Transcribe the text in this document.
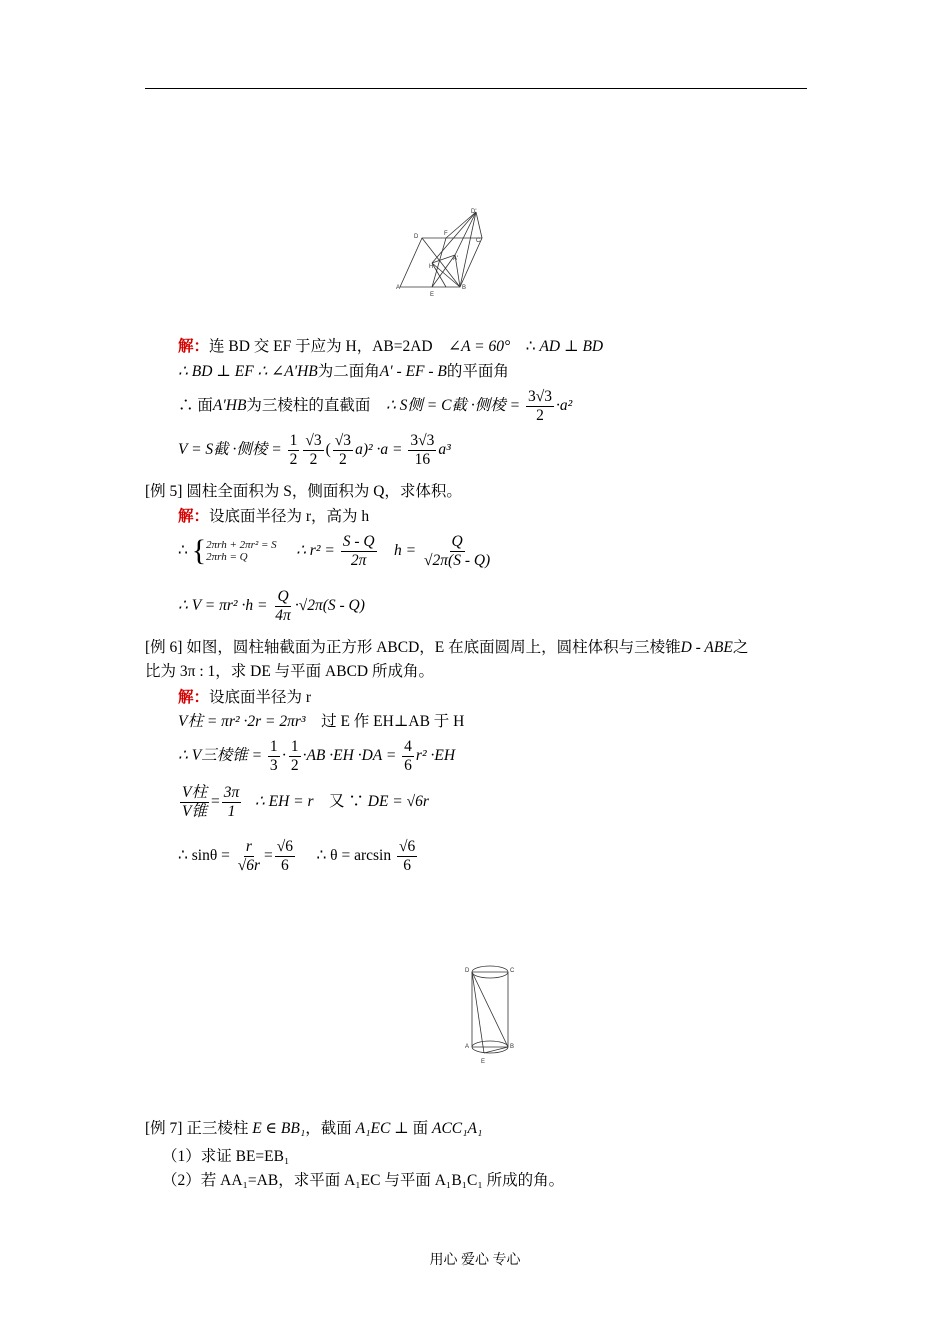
D'
D	F
C
H
A'
A
E
B
解：连 BD 交 EF 于应为 H，AB=2AD ∠A = 60° ∴ AD ⊥ BD
∴ BD ⊥ EF ∴ ∠A′HB为二面角A′ - EF - B的平面角
∴ 面A′HB为三棱柱的直截面 ∴ S侧 = C截 ·侧棱 = $\frac{3√3}{2} \cdot a^2$
V = S截 ·侧棱 = $\frac{1}{2} \frac{√3}{2}$ ( $\frac{√3}{2} a)^2 \cdot a = \frac{3√3}{16} a^3$
[例 5] 圆柱全面积为 S，侧面积为 Q，求体积。
解：设底面半径为 r，高为 h
∴ { 2πrh + 2πr² = S
2πrh = Q	∴ $r^2 = \frac{S - Q}{2\pi}$ $h = \frac{Q}{√2\pi(S - Q)}$
∴ $V = \pi r^2 \cdot h = \frac{Q}{4\pi} \cdot√2\pi(S - Q)$
[例 6] 如图，圆柱轴截面为正方形 ABCD，E 在底面圆周上，圆柱体积与三棱锥D - ABE之
比为 3π : 1，求 DE 与平面 ABCD 所成角。
解：设底面半径为 r
V柱 = πr² ·2r = 2πr³ 过 E 作 EH⊥AB 于 H
∴ V三棱锥 = $\frac{1}{3} \cdot \frac{1}{2} \cdot AB \cdot EH \cdot DA = \frac{4}{6} r^2 \cdot EH$
$\frac{\text{V柱}}{\text{V锥}} = \frac{3\pi}{1}$ ∴ EH = r 又 ∵ DE = √6r
∴ $\sin\theta = \frac{r}{√6r} = \frac{√6}{6}$ ∴ $\theta = \arcsin \frac{√6}{6}$
D	C
A	B
E
[例 7] 正三棱柱 E ∈ BB₁，截面 A₁EC ⊥ 面 ACC₁A₁
（1）求证 BE=EB₁
（2）若 AA₁=AB，求平面 A₁EC 与平面 A₁B₁C₁ 所成的角。
用心 爱心 专心
